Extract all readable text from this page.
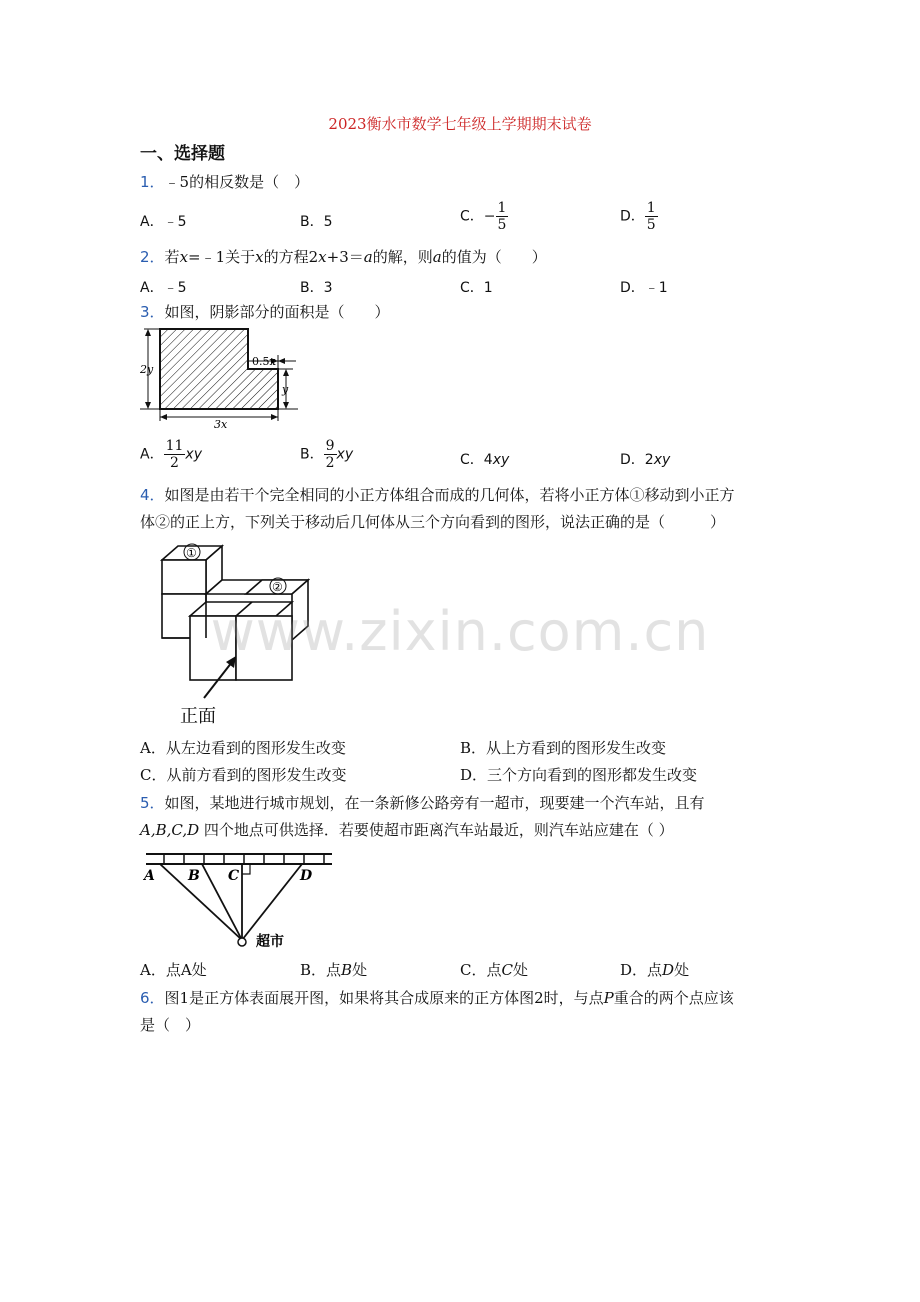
2023衡水市数学七年级上学期期末试卷
一、选择题
1．﹣5的相反数是（　）
A．﹣5	B．5	C．− $\frac{1}{5}$	D． $\frac{1}{5}$
2．若x=﹣1关于x的方程2x+3＝a的解，则a的值为（　　）
A．﹣5	B．3	C．1	D．﹣1
3．如图，阴影部分的面积是（　　）
2y
y
0.5x
3x
A． $\frac{11}{2}$ xy	B． $\frac{9}{2}$ xy	C．4xy	D．2xy
4．如图是由若干个完全相同的小正方体组合而成的几何体，若将小正方体①移动到小正方
体②的正上方，下列关于移动后几何体从三个方向看到的图形，说法正确的是（　　　）
①
②
正面
A．从左边看到的图形发生改变	B．从上方看到的图形发生改变
C．从前方看到的图形发生改变	D．三个方向看到的图形都发生改变
5．如图，某地进行城市规划，在一条新修公路旁有一超市，现要建一个汽车站，且有
A,B,C,D 四个地点可供选择．若要使超市距离汽车站最近，则汽车站应建在（ ）
A B C	D
超市
A．点A处	B．点B处	C．点C处	D．点D处
6．图1是正方体表面展开图，如果将其合成原来的正方体图2时，与点P重合的两个点应该
是（　）
www.zixin.com.cn
